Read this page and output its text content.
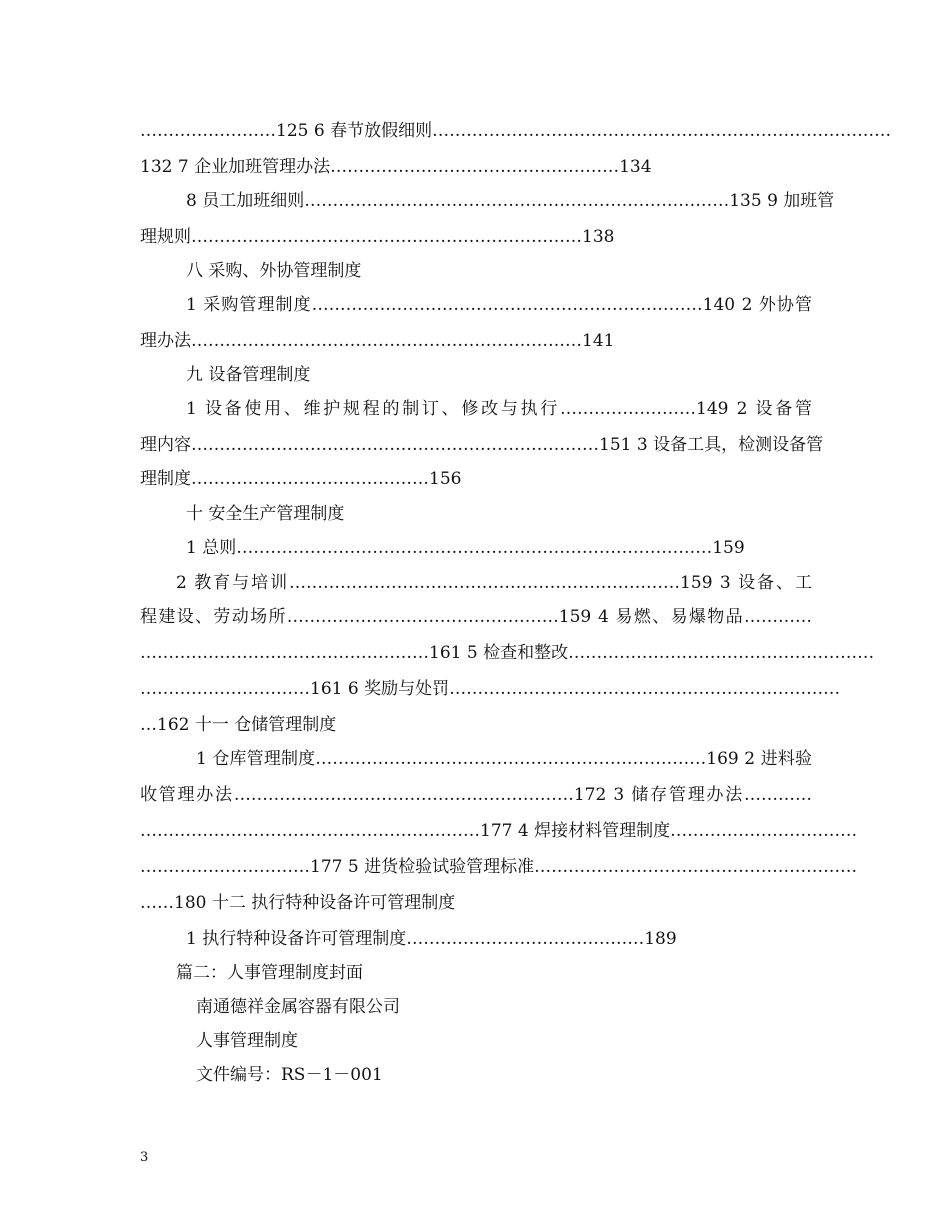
……………………125 6 春节放假细则………………………………………………………………………
132 7 企业加班管理办法……………………………………………134
8 员工加班细则…………………………………………………………………135 9 加班管
理规则……………………………………………………………138
八 采购、外协管理制度
1 采购管理制度……………………………………………………………140 2 外协管
理办法……………………………………………………………141
九 设备管理制度
1 设备使用、维护规程的制订、修改与执行……………………149 2 设备管
理内容………………………………………………………………151 3 设备工具，检测设备管
理制度……………………………………156
十 安全生产管理制度
1 总则…………………………………………………………………………159
2 教育与培训……………………………………………………………159 3 设备、工
程建设、劳动场所…………………………………………159 4 易燃、易爆物品…………
……………………………………………161 5 检查和整改………………………………………………
…………………………161 6 奖励与处罚……………………………………………………………
…162 十一 仓储管理制度
1 仓库管理制度……………………………………………………………169 2 进料验
收管理办法……………………………………………………172 3 储存管理办法…………
……………………………………………………177 4 焊接材料管理制度……………………………
…………………………177 5 进货检验试验管理标准…………………………………………………
……180 十二 执行特种设备许可管理制度
1 执行特种设备许可管理制度……………………………………189
篇二：人事管理制度封面
南通德祥金属容器有限公司
人事管理制度
文件编号：RS－1－001
3
